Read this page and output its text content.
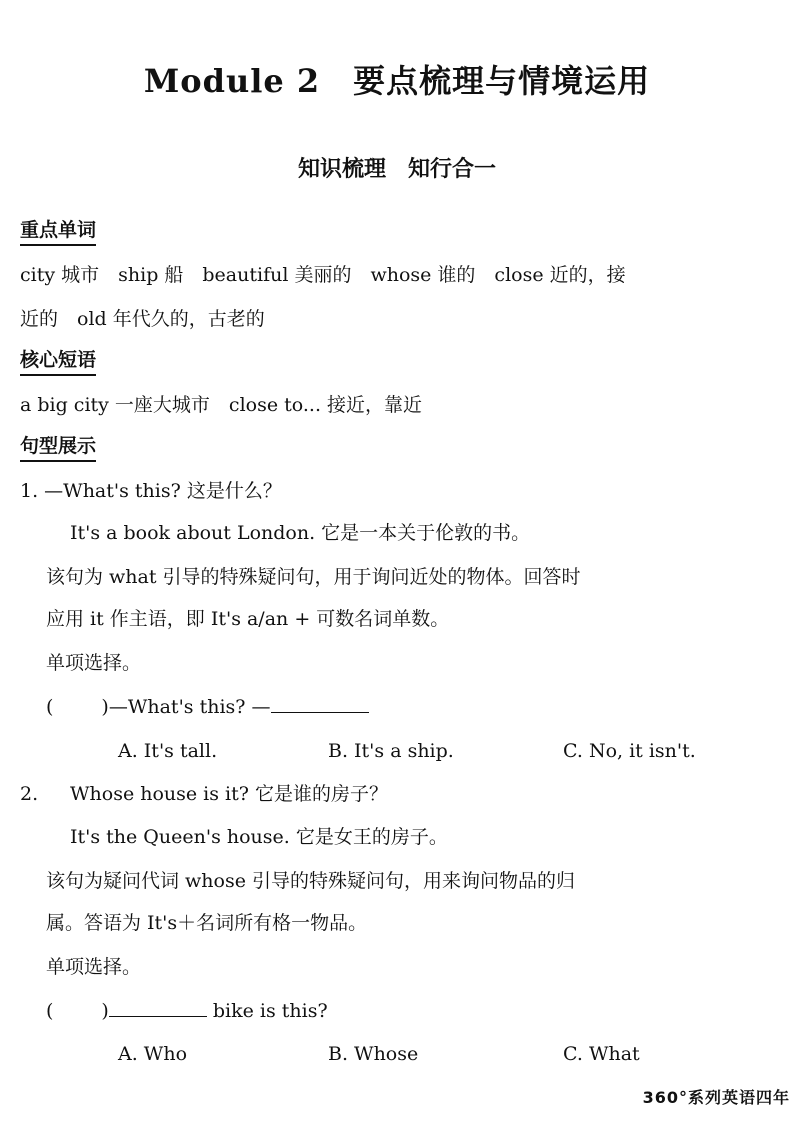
Module 2　要点梳理与情境运用
知识梳理　知行合一
重点单词
city 城市　ship 船　beautiful 美丽的　whose 谁的　close 近的，接
近的　old 年代久的，古老的
核心短语
a big city 一座大城市　close to... 接近，靠近
句型展示
1. —What's this? 这是什么？
It's a book about London. 它是一本关于伦敦的书。
该句为 what 引导的特殊疑问句，用于询问近处的物体。回答时
应用 it 作主语，即 It's a/an + 可数名词单数。
单项选择。
(	)—What's this? —
A. It's tall.	B. It's a ship.	C. No, it isn't.
2. Whose house is it? 它是谁的房子？
It's the Queen's house. 它是女王的房子。
该句为疑问代词 whose 引导的特殊疑问句，用来询问物品的归
属。答语为 It's＋名词所有格一物品。
单项选择。
(	)	bike is this?
A. Who	B. Whose	C. What
360°系列英语四年
